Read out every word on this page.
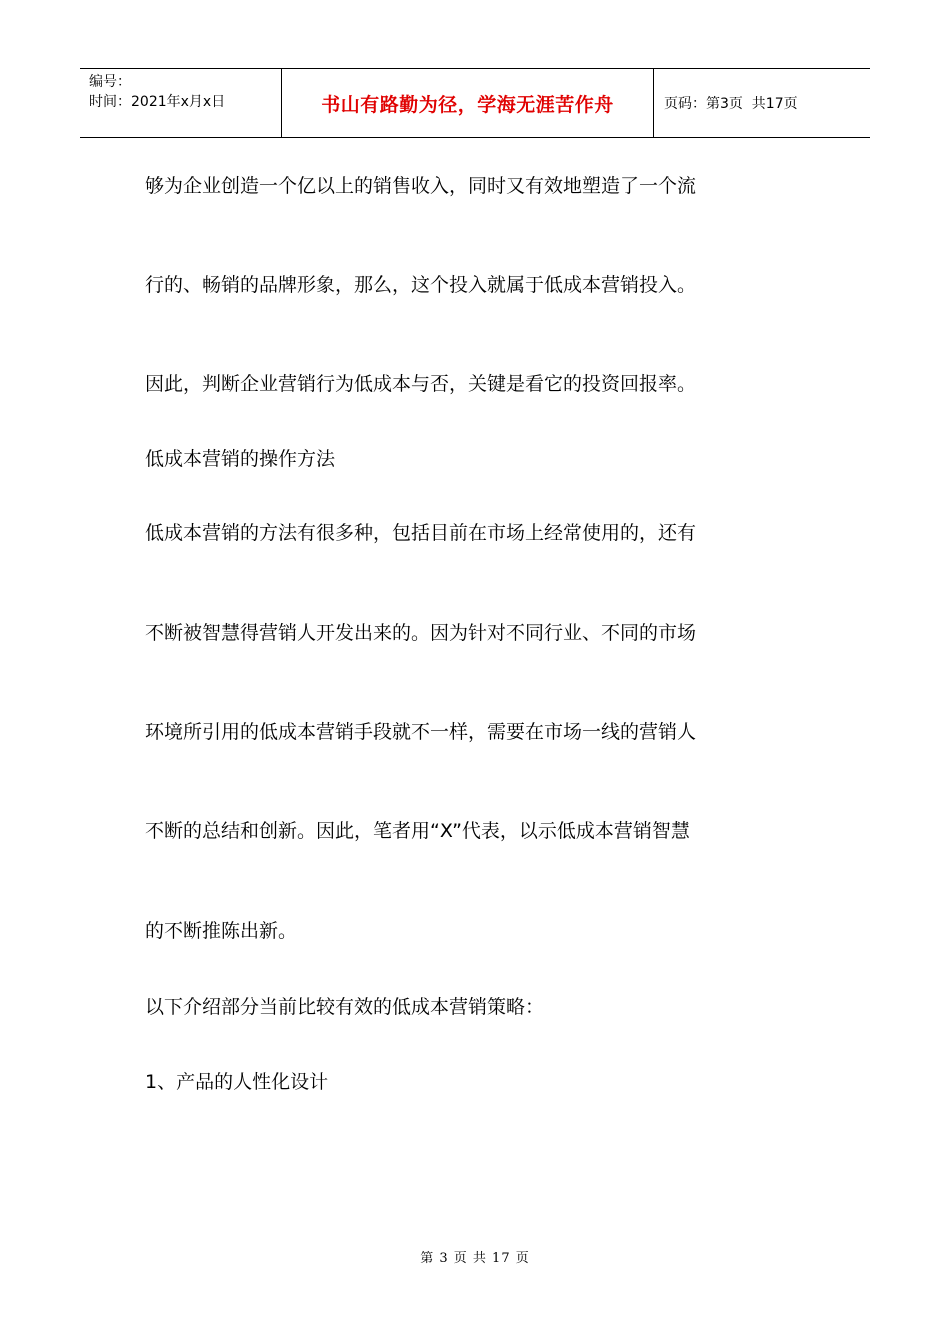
编号：
时间：2021年x月x日	书山有路勤为径，学海无涯苦作舟	页码：第3页  共17页
够为企业创造一个亿以上的销售收入，同时又有效地塑造了一个流
行的、畅销的品牌形象，那么，这个投入就属于低成本营销投入。
因此，判断企业营销行为低成本与否，关键是看它的投资回报率。
低成本营销的操作方法
低成本营销的方法有很多种，包括目前在市场上经常使用的，还有
不断被智慧得营销人开发出来的。因为针对不同行业、不同的市场
环境所引用的低成本营销手段就不一样，需要在市场一线的营销人
不断的总结和创新。因此，笔者用“X”代表，以示低成本营销智慧
的不断推陈出新。
以下介绍部分当前比较有效的低成本营销策略：
1、产品的人性化设计
第 3 页 共 17 页
